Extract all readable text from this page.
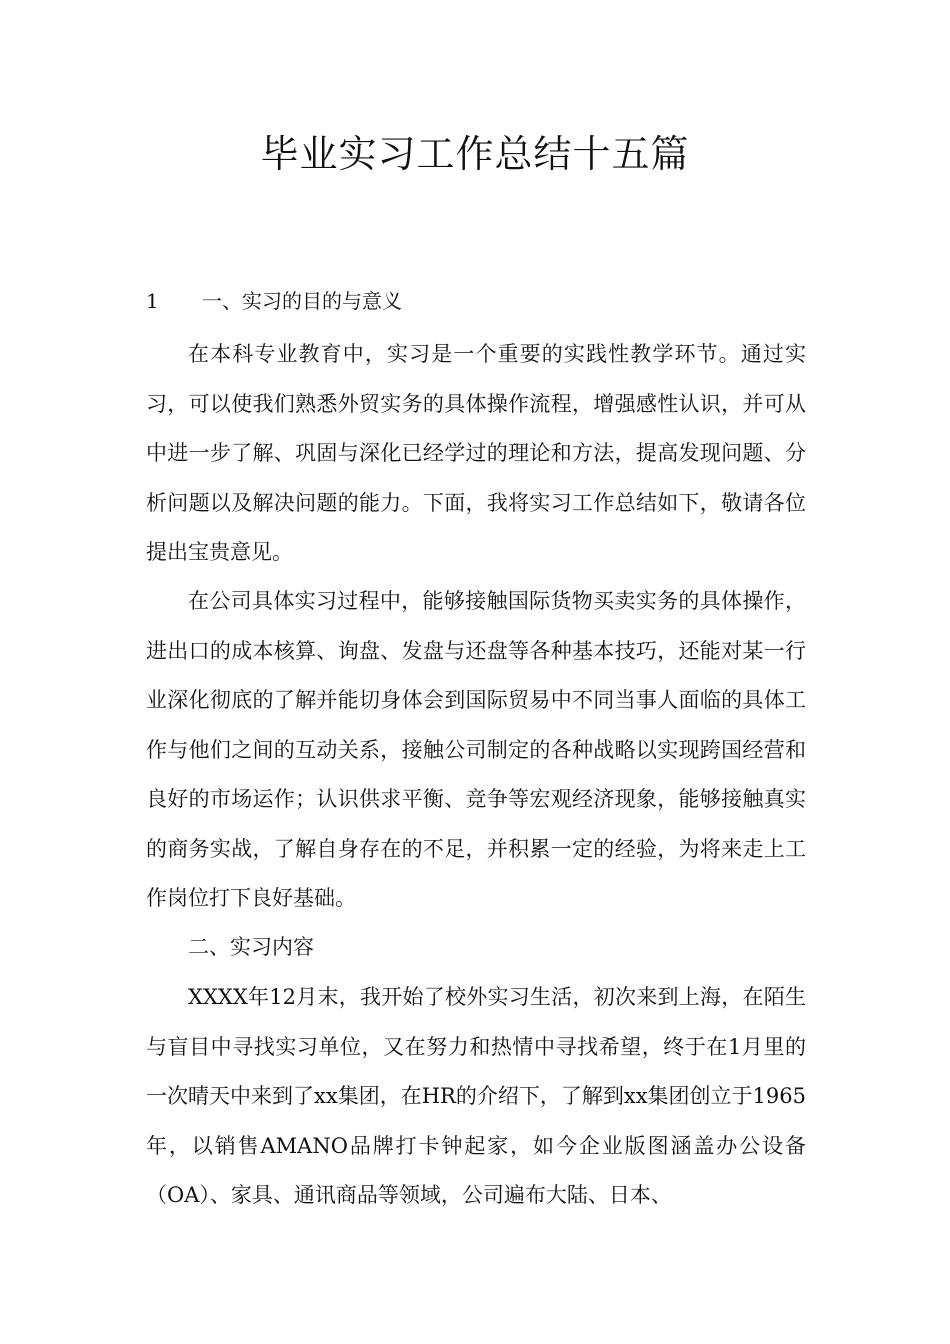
毕业实习工作总结十五篇
1 一、实习的目的与意义

在本科专业教育中，实习是一个重要的实践性教学环节。通过实习，可以使我们熟悉外贸实务的具体操作流程，增强感性认识，并可从中进一步了解、巩固与深化已经学过的理论和方法，提高发现问题、分析问题以及解决问题的能力。下面，我将实习工作总结如下，敬请各位提出宝贵意见。

在公司具体实习过程中，能够接触国际货物买卖实务的具体操作，进出口的成本核算、询盘、发盘与还盘等各种基本技巧，还能对某一行业深化彻底的了解并能切身体会到国际贸易中不同当事人面临的具体工作与他们之间的互动关系，接触公司制定的各种战略以实现跨国经营和良好的市场运作；认识供求平衡、竞争等宏观经济现象，能够接触真实的商务实战，了解自身存在的不足，并积累一定的经验，为将来走上工作岗位打下良好基础。

二、实习内容

XXXX年12月末，我开始了校外实习生活，初次来到上海，在陌生与盲目中寻找实习单位，又在努力和热情中寻找希望，终于在1月里的一次晴天中来到了xx集团，在HR的介绍下，了解到xx集团创立于1965年，以销售AMANO品牌打卡钟起家，如今企业版图涵盖办公设备（OA）、家具、通讯商品等领域，公司遍布大陆、日本、
